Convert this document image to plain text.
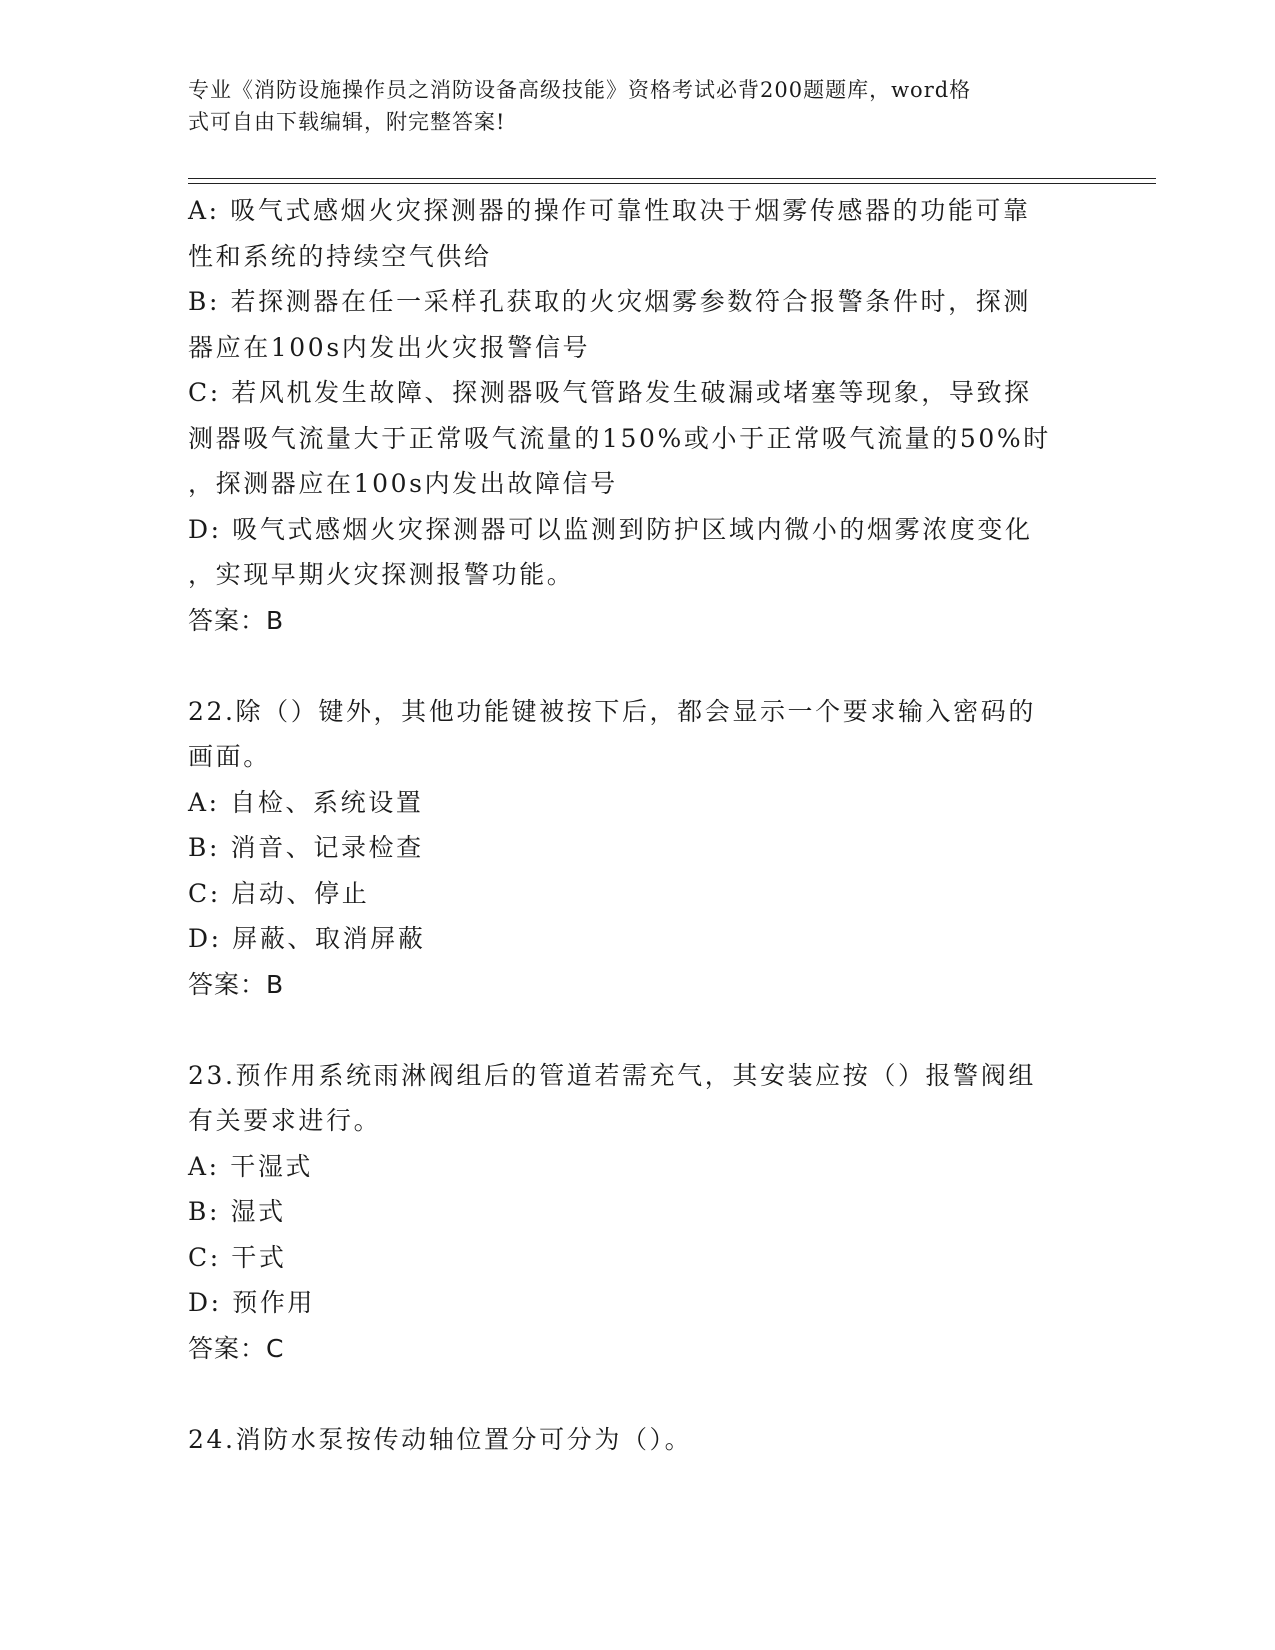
专业《消防设施操作员之消防设备高级技能》资格考试必背200题题库，word格
式可自由下载编辑，附完整答案!
A: 吸气式感烟火灾探测器的操作可靠性取决于烟雾传感器的功能可靠
性和系统的持续空气供给
B: 若探测器在任一采样孔获取的火灾烟雾参数符合报警条件时，探测
器应在100s内发出火灾报警信号
C: 若风机发生故障、探测器吸气管路发生破漏或堵塞等现象，导致探
测器吸气流量大于正常吸气流量的150%或小于正常吸气流量的50%时
，探测器应在100s内发出故障信号
D: 吸气式感烟火灾探测器可以监测到防护区域内微小的烟雾浓度变化
，实现早期火灾探测报警功能。
答案：B
22.除（）键外，其他功能键被按下后，都会显示一个要求输入密码的
画面。
A: 自检、系统设置
B: 消音、记录检查
C: 启动、停止
D: 屏蔽、取消屏蔽
答案：B
23.预作用系统雨淋阀组后的管道若需充气，其安装应按（）报警阀组
有关要求进行。
A: 干湿式
B: 湿式
C: 干式
D: 预作用
答案：C
24.消防水泵按传动轴位置分可分为（）。
